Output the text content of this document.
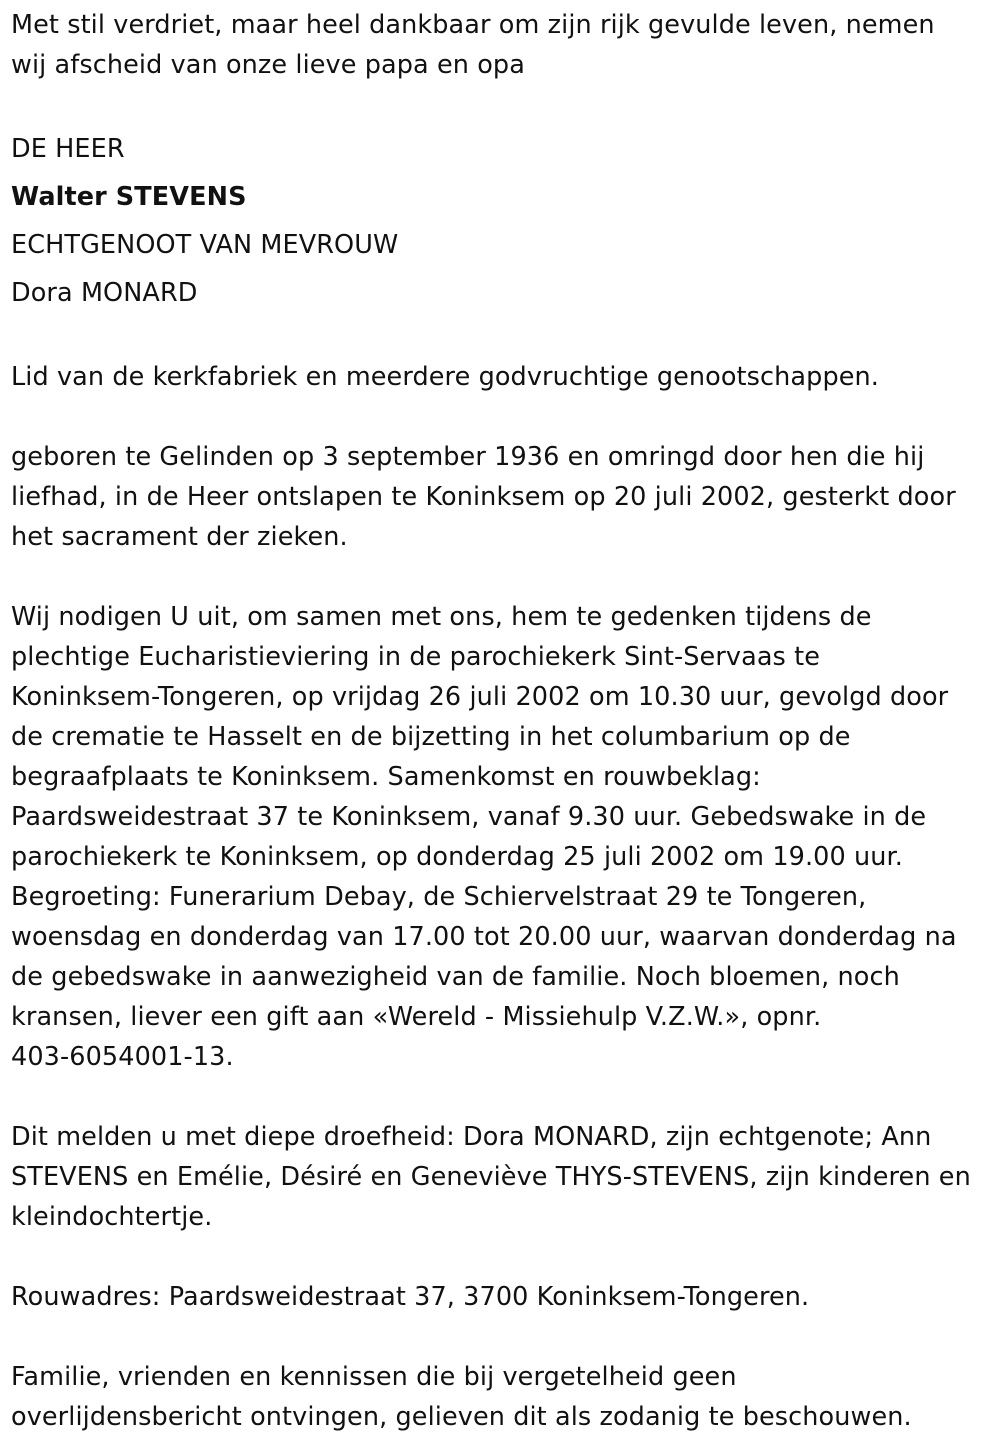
Met stil verdriet, maar heel dankbaar om zijn rijk gevulde leven, nemen
wij afscheid van onze lieve papa en opa

DE HEER

Walter STEVENS

ECHTGENOOT VAN MEVROUW

Dora MONARD

Lid van de kerkfabriek en meerdere godvruchtige genootschappen.

geboren te Gelinden op 3 september 1936 en omringd door hen die hij
liefhad, in de Heer ontslapen te Koninksem op 20 juli 2002, gesterkt door
het sacrament der zieken.

Wij nodigen U uit, om samen met ons, hem te gedenken tijdens de
plechtige Eucharistieviering in de parochiekerk Sint-Servaas te
Koninksem-Tongeren, op vrijdag 26 juli 2002 om 10.30 uur, gevolgd door
de crematie te Hasselt en de bijzetting in het columbarium op de
begraafplaats te Koninksem. Samenkomst en rouwbeklag:
Paardsweidestraat 37 te Koninksem, vanaf 9.30 uur. Gebedswake in de
parochiekerk te Koninksem, op donderdag 25 juli 2002 om 19.00 uur.
Begroeting: Funerarium Debay, de Schiervelstraat 29 te Tongeren,
woensdag en donderdag van 17.00 tot 20.00 uur, waarvan donderdag na
de gebedswake in aanwezigheid van de familie. Noch bloemen, noch
kransen, liever een gift aan «Wereld - Missiehulp V.Z.W.», opnr.
403-6054001-13.

Dit melden u met diepe droefheid: Dora MONARD, zijn echtgenote; Ann
STEVENS en Emélie, Désiré en Geneviève THYS-STEVENS, zijn kinderen en
kleindochtertje.

Rouwadres: Paardsweidestraat 37, 3700 Koninksem-Tongeren.

Familie, vrienden en kennissen die bij vergetelheid geen
overlijdensbericht ontvingen, gelieven dit als zodanig te beschouwen.
